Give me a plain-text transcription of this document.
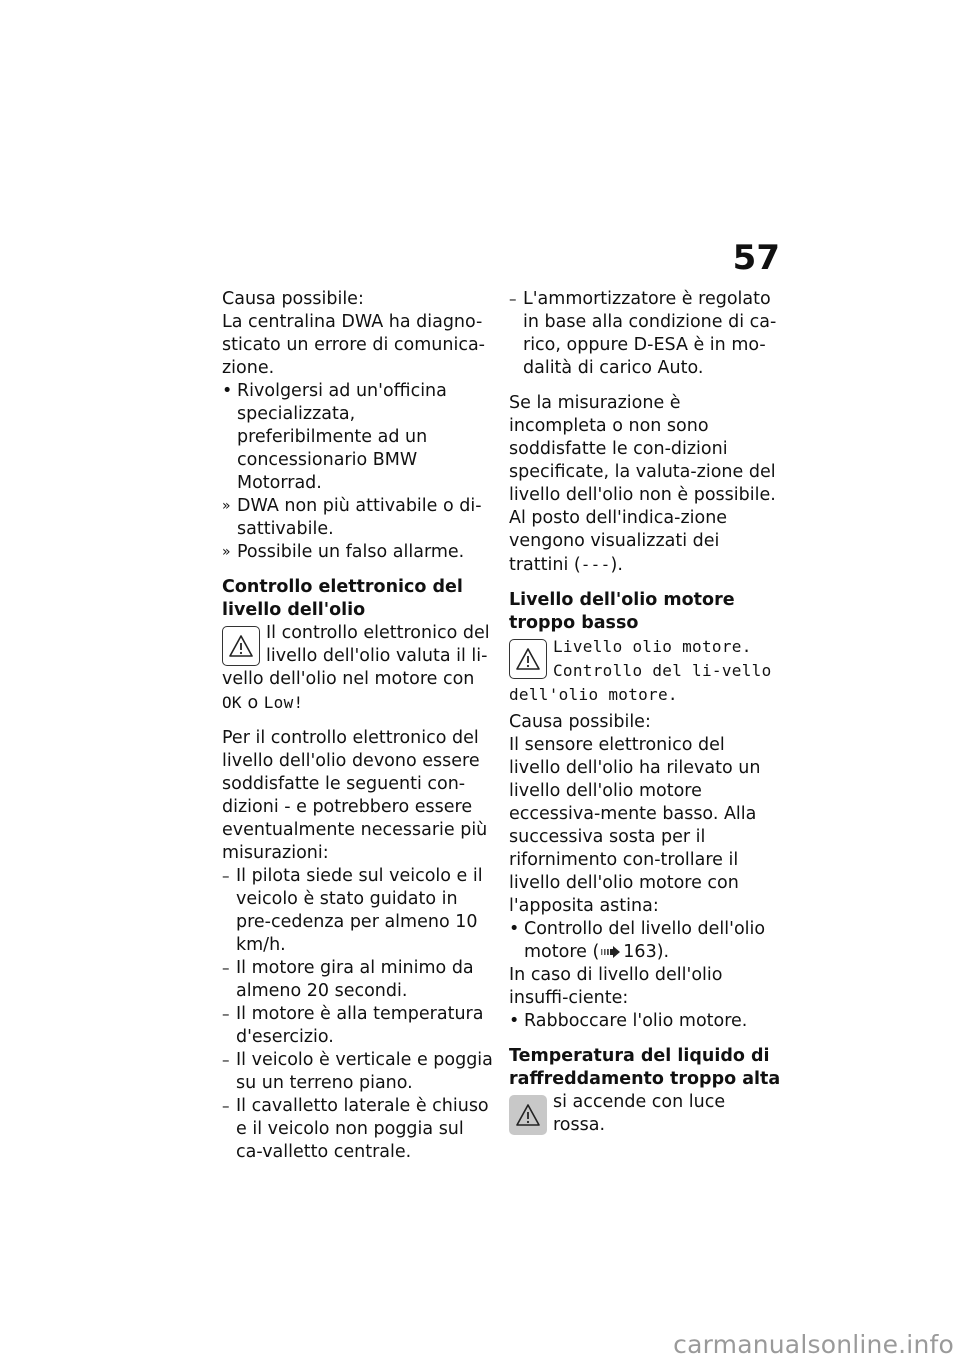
57

Causa possibile:

La centralina DWA ha diagno-sticato un errore di comunica-zione.

• Rivolgersi ad un'officina specializzata, preferibilmente ad un concessionario BMW Motorrad.
» DWA non più attivabile o di-sattivabile.
» Possibile un falso allarme.

Controllo elettronico del livello dell'olio

Il controllo elettronico del livello dell'olio valuta il li-vello dell'olio nel motore con OK o Low!

Per il controllo elettronico del livello dell'olio devono essere soddisfatte le seguenti con-dizioni - e potrebbero essere eventualmente necessarie più misurazioni:

– Il pilota siede sul veicolo e il veicolo è stato guidato in pre-cedenza per almeno 10 km/h.
– Il motore gira al minimo da almeno 20 secondi.
– Il motore è alla temperatura d'esercizio.
– Il veicolo è verticale e poggia su un terreno piano.
– Il cavalletto laterale è chiuso e il veicolo non poggia sul ca-valletto centrale.
– L'ammortizzatore è regolato in base alla condizione di ca-rico, oppure D-ESA è in mo-dalità di carico Auto.

Se la misurazione è incompleta o non sono soddisfatte le con-dizioni specificate, la valuta-zione del livello dell'olio non è possibile. Al posto dell'indica-zione vengono visualizzati dei trattini (---).

Livello dell'olio motore troppo basso

Livello olio motore. Controllo del li-vello dell'olio motore.

Causa possibile:

Il sensore elettronico del livello dell'olio ha rilevato un livello dell'olio motore eccessiva-mente basso. Alla successiva sosta per il rifornimento con-trollare il livello dell'olio motore con l'apposita astina:

• Controllo del livello dell'olio motore ( 163).

In caso di livello dell'olio insuffi-ciente:

• Rabboccare l'olio motore.

Temperatura del liquido di raffreddamento troppo alta

si accende con luce rossa.
carmanualsonline.info
